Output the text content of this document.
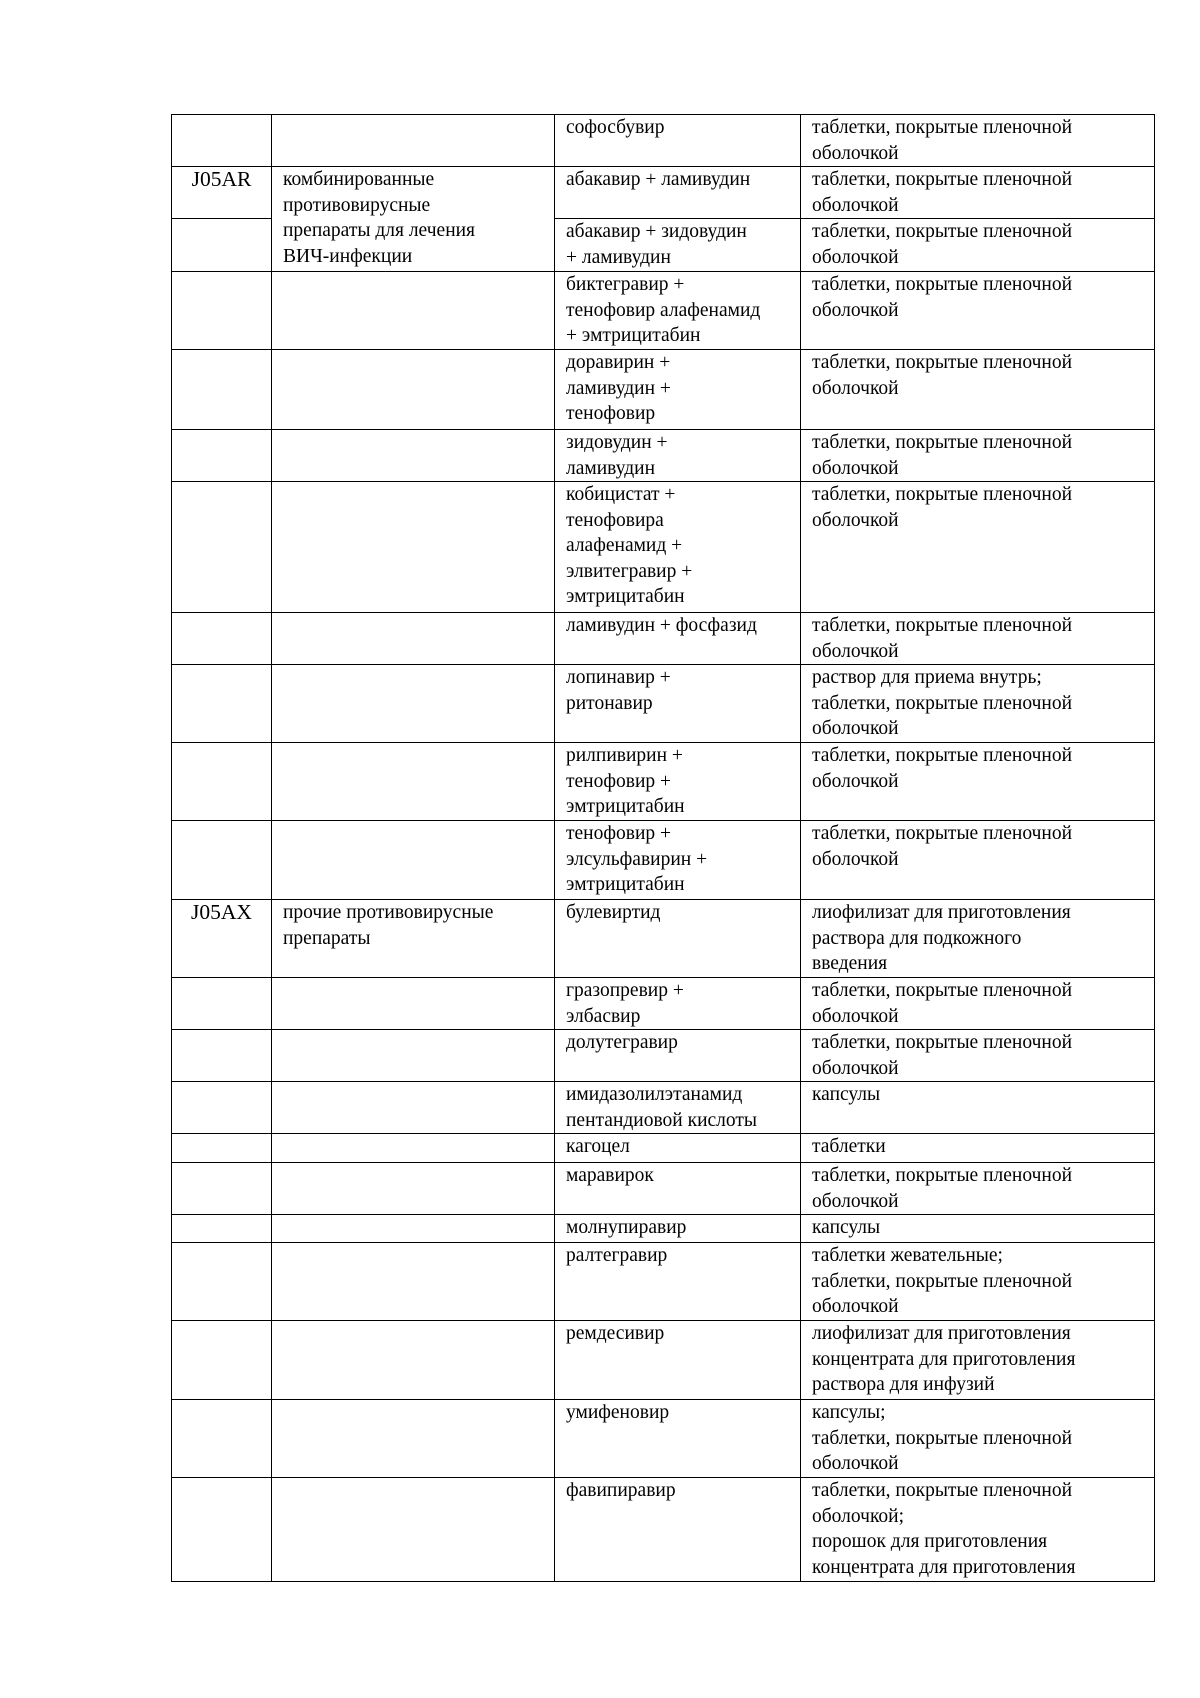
		софосбувир	таблетки, покрытые пленочной
оболочкой

J05AR	комбинированные
противовирусные
препараты для лечения
ВИЧ-инфекции	абакавир + ламивудин	таблетки, покрытые пленочной
оболочкой

		абакавир + зидовудин
+ ламивудин	таблетки, покрытые пленочной
оболочкой

		биктегравир +
тенофовир алафенамид
+ эмтрицитабин	таблетки, покрытые пленочной
оболочкой

		доравирин +
ламивудин +
тенофовир	таблетки, покрытые пленочной
оболочкой

		зидовудин +
ламивудин	таблетки, покрытые пленочной
оболочкой

		кобицистат +
тенофовира
алафенамид +
элвитегравир +
эмтрицитабин	таблетки, покрытые пленочной
оболочкой

		ламивудин + фосфазид	таблетки, покрытые пленочной
оболочкой

		лопинавир +
ритонавир	раствор для приема внутрь;
таблетки, покрытые пленочной
оболочкой

		рилпивирин +
тенофовир +
эмтрицитабин	таблетки, покрытые пленочной
оболочкой

		тенофовир +
элсульфавирин +
эмтрицитабин	таблетки, покрытые пленочной
оболочкой

J05AX	прочие противовирусные
препараты	булевиртид	лиофилизат для приготовления
раствора для подкожного
введения

		гразопревир +
элбасвир	таблетки, покрытые пленочной
оболочкой

		долутегравир	таблетки, покрытые пленочной
оболочкой

		имидазолилэтанамид
пентандиовой кислоты	капсулы

		кагоцел	таблетки

		маравирок	таблетки, покрытые пленочной
оболочкой

		молнупиравир	капсулы

		ралтегравир	таблетки жевательные;
таблетки, покрытые пленочной
оболочкой

		ремдесивир	лиофилизат для приготовления
концентрата для приготовления
раствора для инфузий

		умифеновир	капсулы;
таблетки, покрытые пленочной
оболочкой

		фавипиравир	таблетки, покрытые пленочной
оболочкой;
порошок для приготовления
концентрата для приготовления
